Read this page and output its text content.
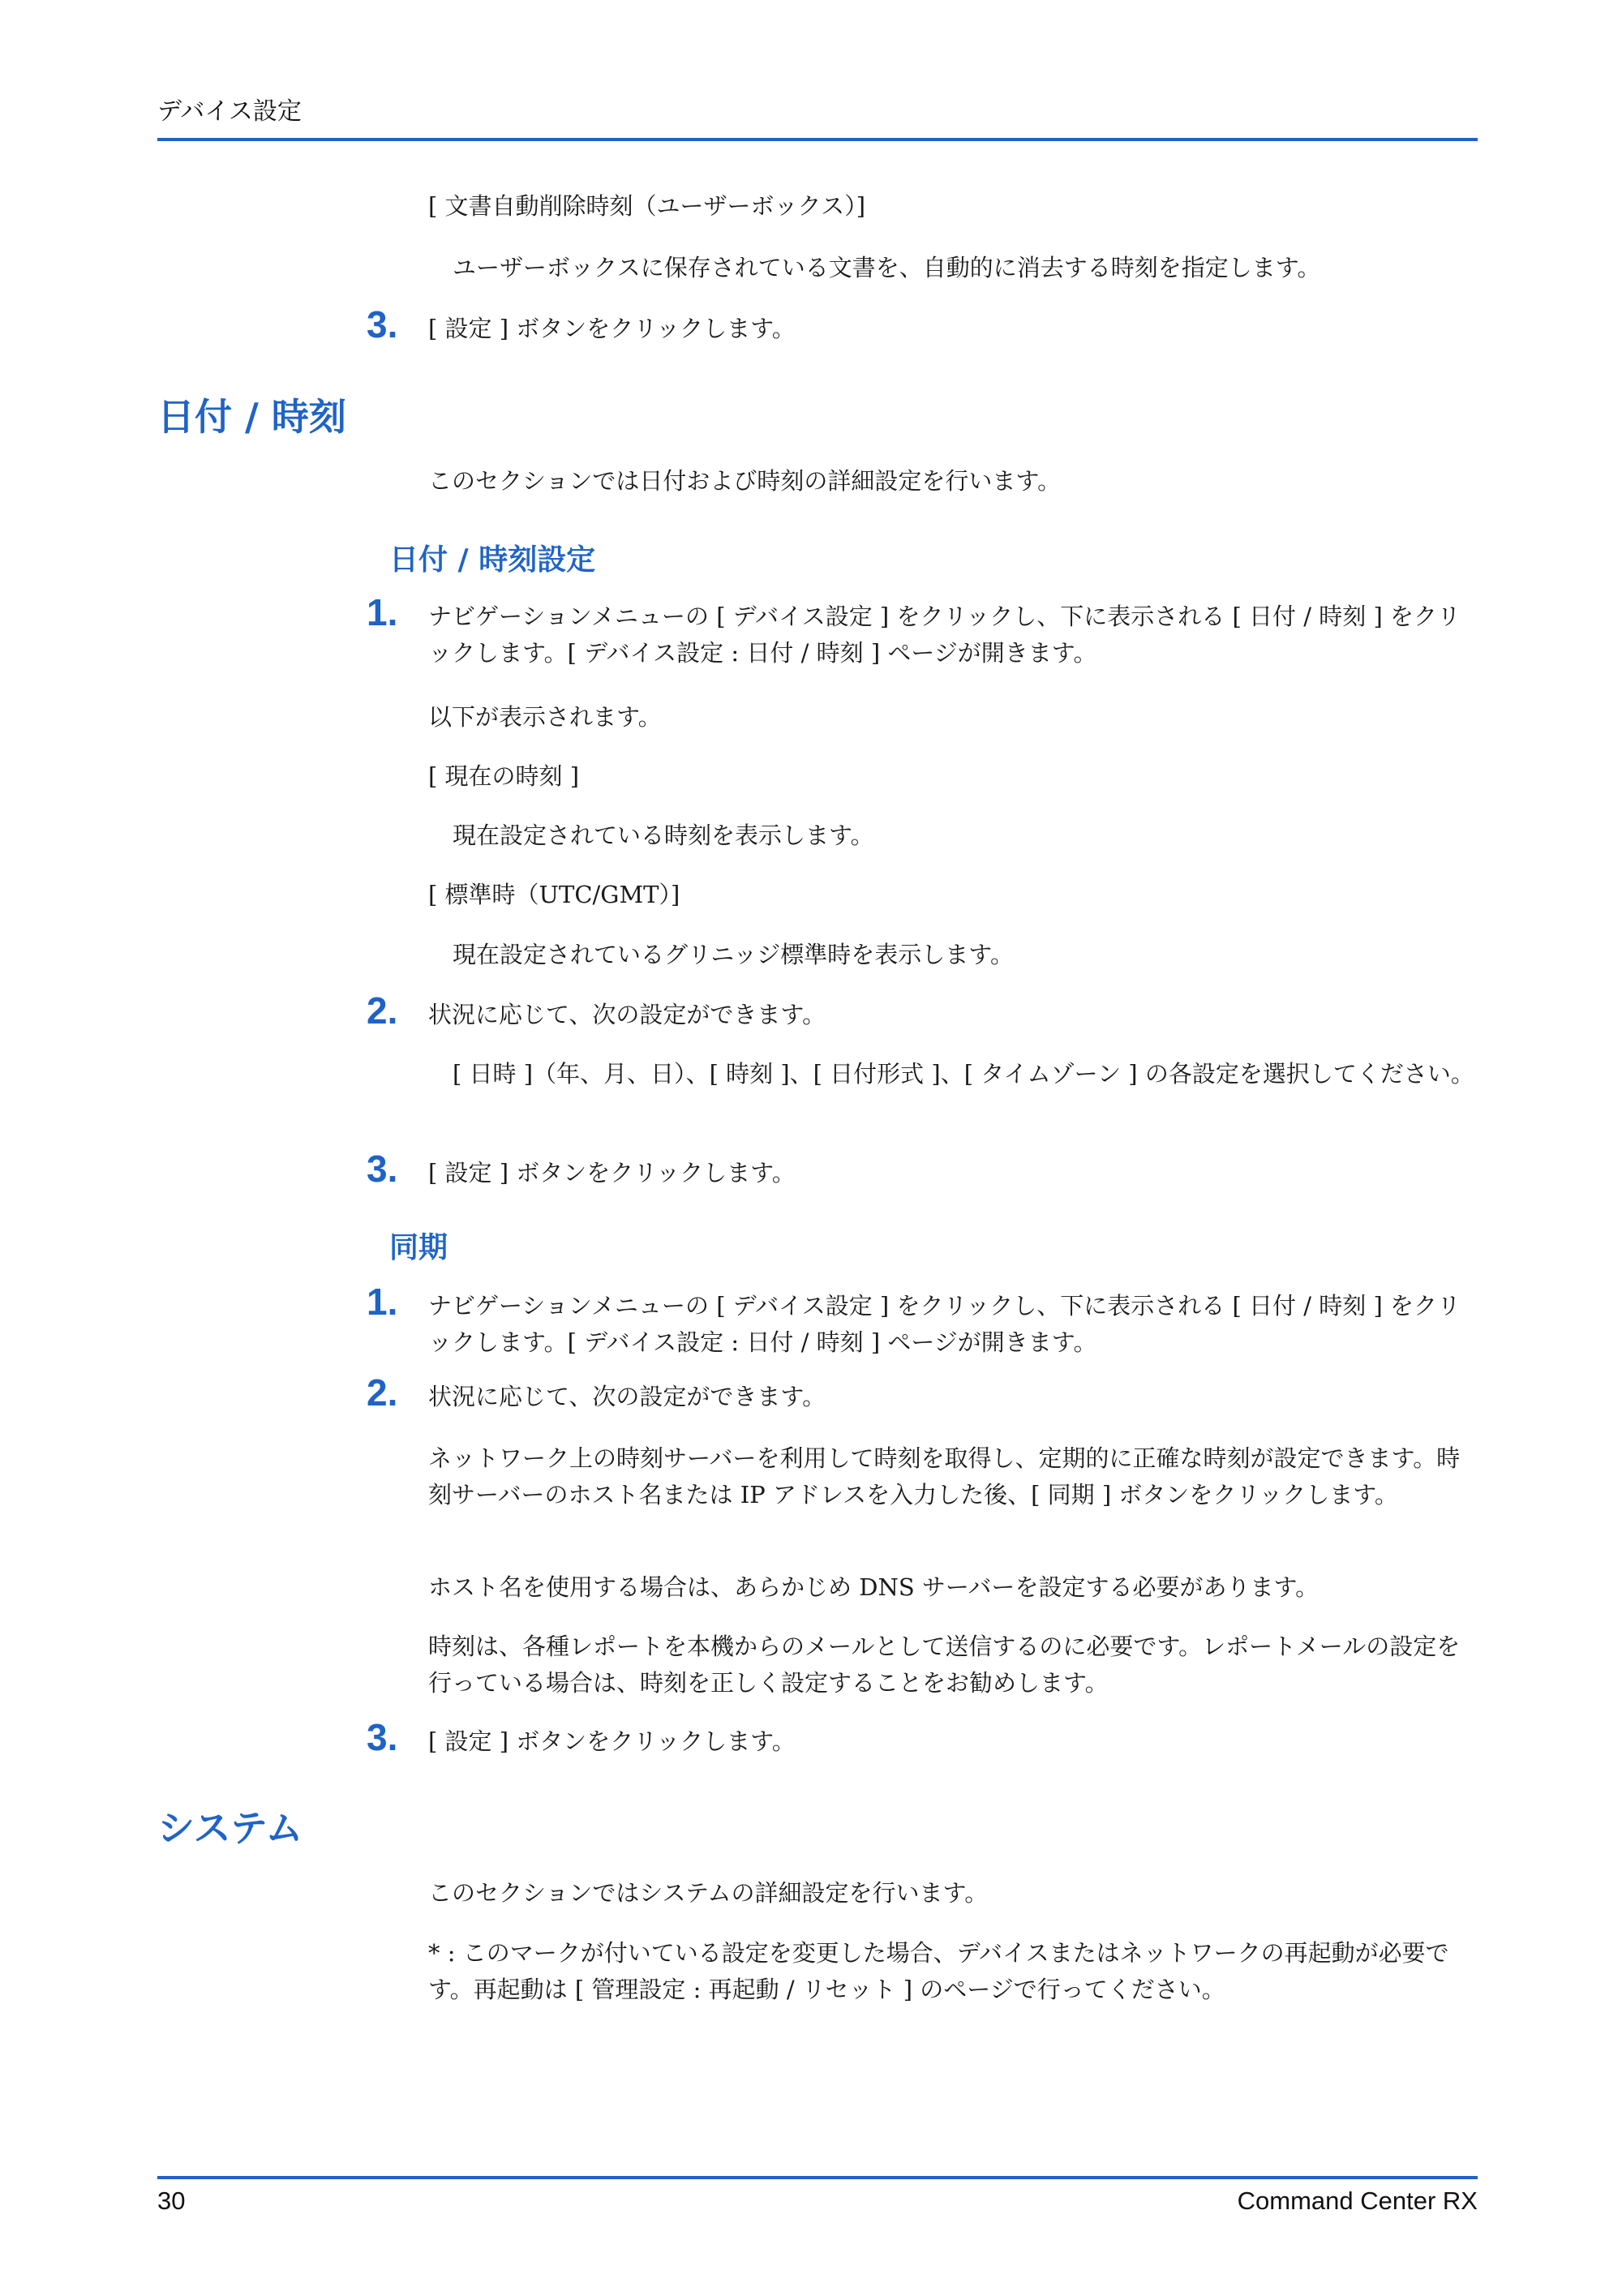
デバイス設定
[ 文書自動削除時刻（ユーザーボックス）]
ユーザーボックスに保存されている文書を、自動的に消去する時刻を指定します。
3.	[ 設定 ] ボタンをクリックします。
日付 / 時刻
このセクションでは日付および時刻の詳細設定を行います。
日付 / 時刻設定
1.	ナビゲーションメニューの [ デバイス設定 ] をクリックし、下に表示される [ 日付 / 時刻 ] をクリックします。[ デバイス設定 : 日付 / 時刻 ] ページが開きます。
以下が表示されます。
[ 現在の時刻 ]
現在設定されている時刻を表示します。
[ 標準時（UTC/GMT）]
現在設定されているグリニッジ標準時を表示します。
2.	状況に応じて、次の設定ができます。
[ 日時 ]（年、月、日）、[ 時刻 ]、[ 日付形式 ]、[ タイムゾーン ] の各設定を選択してください。
3.	[ 設定 ] ボタンをクリックします。
同期
1.	ナビゲーションメニューの [ デバイス設定 ] をクリックし、下に表示される [ 日付 / 時刻 ] をクリックします。[ デバイス設定 : 日付 / 時刻 ] ページが開きます。
2.	状況に応じて、次の設定ができます。
ネットワーク上の時刻サーバーを利用して時刻を取得し、定期的に正確な時刻が設定できます。時刻サーバーのホスト名または IP アドレスを入力した後、[ 同期 ] ボタンをクリックします。
ホスト名を使用する場合は、あらかじめ DNS サーバーを設定する必要があります。
時刻は、各種レポートを本機からのメールとして送信するのに必要です。レポートメールの設定を行っている場合は、時刻を正しく設定することをお勧めします。
3.	[ 設定 ] ボタンをクリックします。
システム
このセクションではシステムの詳細設定を行います。
* : このマークが付いている設定を変更した場合、デバイスまたはネットワークの再起動が必要です。再起動は [ 管理設定 : 再起動 / リセット ] のページで行ってください。
30	Command Center RX
